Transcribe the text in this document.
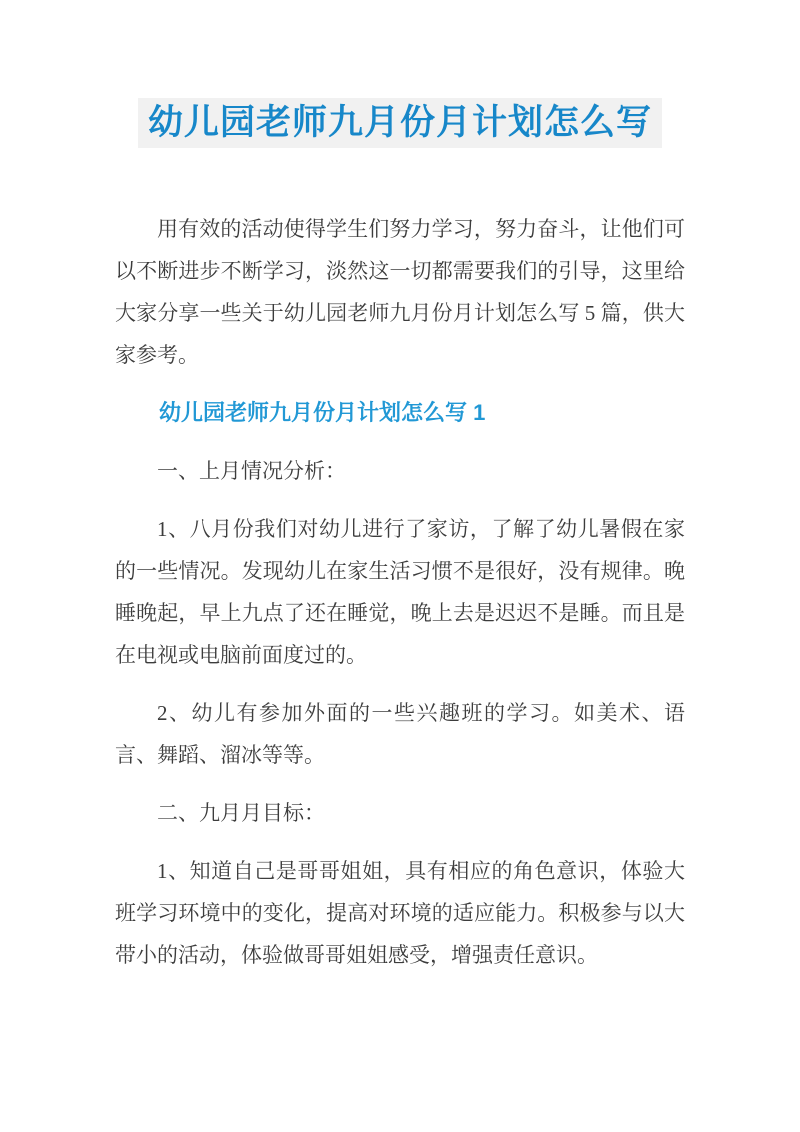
幼儿园老师九月份月计划怎么写

用有效的活动使得学生们努力学习，努力奋斗，让他们可以不断进步不断学习，淡然这一切都需要我们的引导，这里给大家分享一些关于幼儿园老师九月份月计划怎么写 5 篇，供大家参考。

幼儿园老师九月份月计划怎么写 1

一、上月情况分析：

1、八月份我们对幼儿进行了家访，了解了幼儿暑假在家的一些情况。发现幼儿在家生活习惯不是很好，没有规律。晚睡晚起，早上九点了还在睡觉，晚上去是迟迟不是睡。而且是在电视或电脑前面度过的。

2、幼儿有参加外面的一些兴趣班的学习。如美术、语言、舞蹈、溜冰等等。

二、九月月目标：

1、知道自己是哥哥姐姐，具有相应的角色意识，体验大班学习环境中的变化，提高对环境的适应能力。积极参与以大带小的活动，体验做哥哥姐姐感受，增强责任意识。
